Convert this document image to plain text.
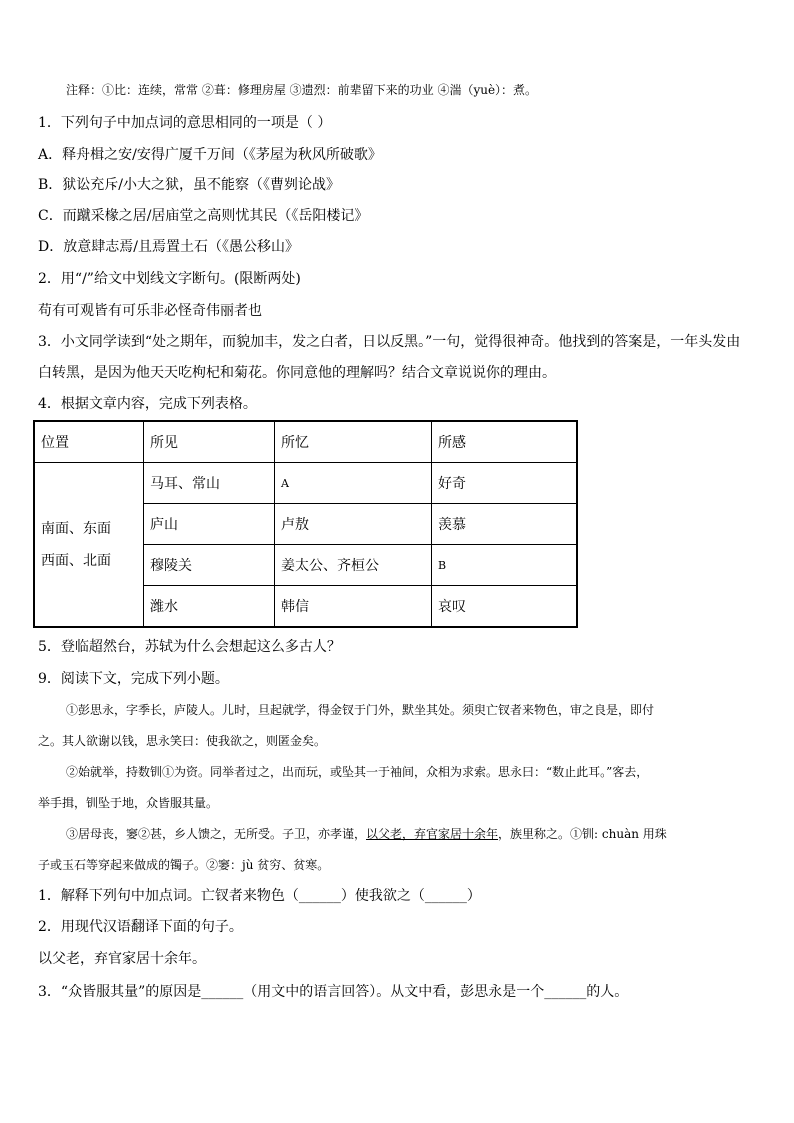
注释：①比：连续，常常 ②葺：修理房屋 ③遗烈：前辈留下来的功业 ④湍（yuè）：煮。
1．下列句子中加点词的意思相同的一项是（ ）
A．释舟楫之安/安得广厦千万间（《茅屋为秋风所破歌》
B．狱讼充斥/小大之狱，虽不能察（《曹刿论战》
C．而蹴采椽之居/居庙堂之高则忧其民（《岳阳楼记》
D．放意肆志焉/且焉置土石（《愚公移山》
2．用“/”给文中划线文字断句。(限断两处)
苟有可观皆有可乐非必怪奇伟丽者也
3．小文同学读到“处之期年，而貌加丰，发之白者，日以反黑。”一句，觉得很神奇。他找到的答案是，一年头发由
白转黑，是因为他天天吃枸杞和菊花。你同意他的理解吗？结合文章说说你的理由。
4．根据文章内容，完成下列表格。
位置	所见	所忆	所感

南面、东面
西面、北面	马耳、常山	A	好奇
	庐山	卢敖	羡慕
	穆陵关	姜太公、齐桓公	B
	潍水	韩信	哀叹
5．登临超然台，苏轼为什么会想起这么多古人？
9．阅读下文，完成下列小题。
①彭思永，字季长，庐陵人。儿时，旦起就学，得金钗于门外，默坐其处。须臾亡钗者来物色，审之良是，即付
之。其人欲谢以钱，思永笑曰：使我欲之，则匿金矣。
②始就举，持数钏①为资。同举者过之，出而玩，或坠其一于袖间，众相为求索。思永曰：“数止此耳。”客去，
举手揖，钏坠于地，众皆服其量。
③居母丧，窭②甚，乡人馈之，无所受。子卫，亦孝谨，以父老，弃官家居十余年，族里称之。①钏: chuàn 用珠
子或玉石等穿起来做成的镯子。②窭：jù 贫穷、贫寒。
1．解释下列句中加点词。亡钗者来物色（______）使我欲之（______）
2．用现代汉语翻译下面的句子。
以父老，弃官家居十余年。
3．“众皆服其量”的原因是______（用文中的语言回答）。从文中看，彭思永是一个______的人。
